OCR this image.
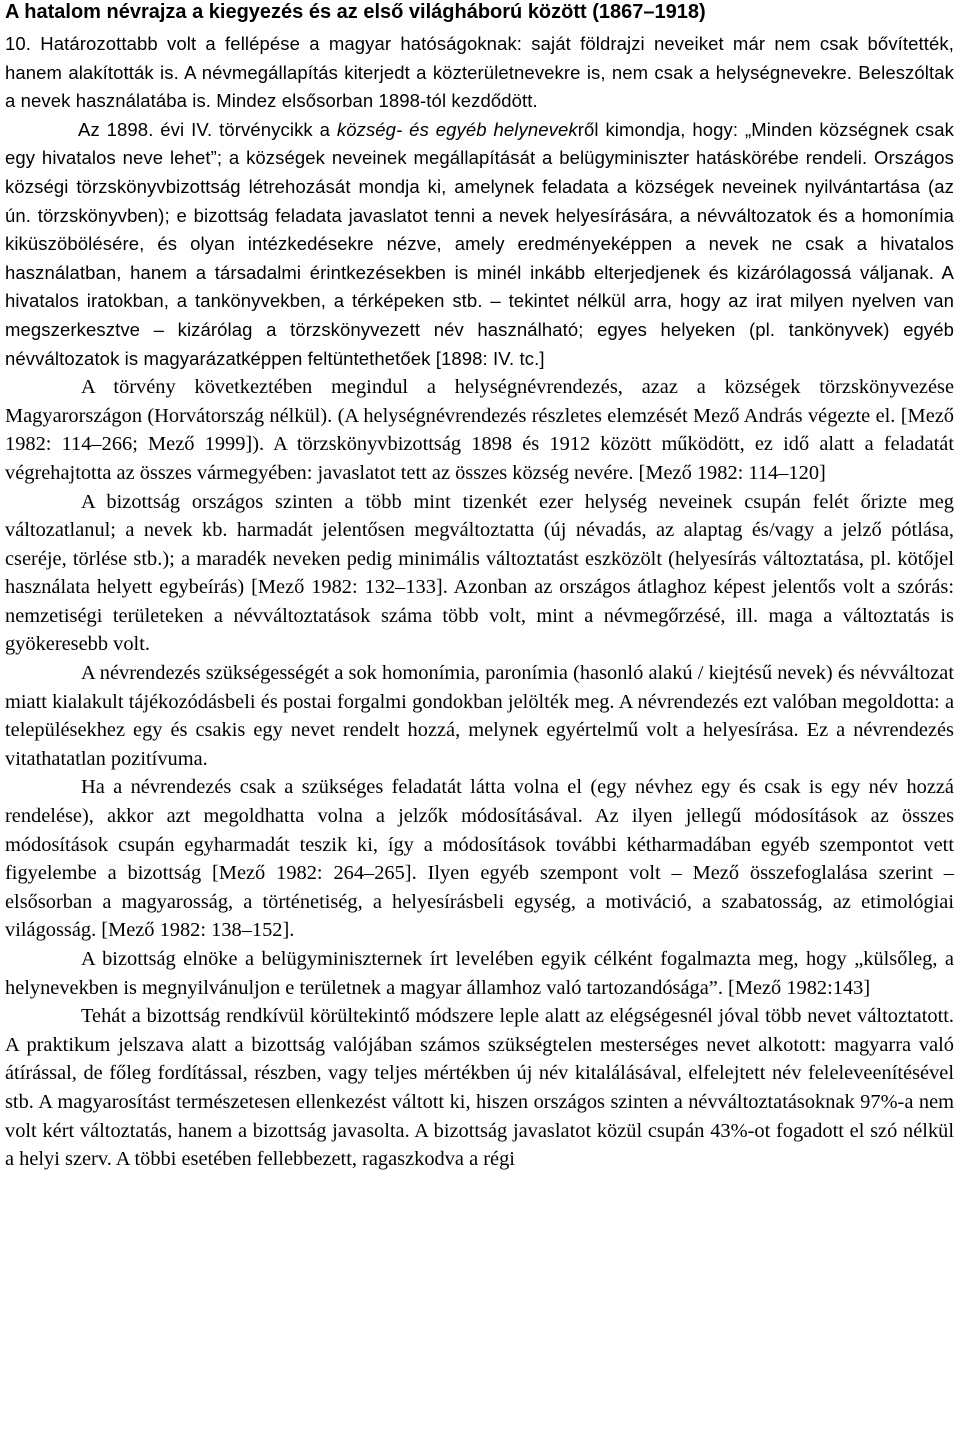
A hatalom névrajza a kiegyezés és az első világháború között (1867–1918)

10. Határozottabb volt a fellépése a magyar hatóságoknak: saját földrajzi neveiket már nem csak bővítették, hanem alakították is. A névmegállapítás kiterjedt a közterületnevekre is, nem csak a helységnevekre. Beleszóltak a nevek használatába is. Mindez elsősorban 1898-tól kezdődött.

Az 1898. évi IV. törvénycikk a község- és egyéb helynevekről kimondja, hogy: „Minden községnek csak egy hivatalos neve lehet”; a községek neveinek megállapítását a belügyminiszter hatáskörébe rendeli. Országos községi törzskönyvbizottság létrehozását mondja ki, amelynek feladata a községek neveinek nyilvántartása (az ún. törzskönyvben); e bizottság feladata javaslatot tenni a nevek helyesírására, a névváltozatok és a homonímia kiküszöbölésére, és olyan intézkedésekre nézve, amely eredményeképpen a nevek ne csak a hivatalos használatban, hanem a társadalmi érintkezésekben is minél inkább elterjedjenek és kizárólagossá váljanak. A hivatalos iratokban, a tankönyvekben, a térképeken stb. – tekintet nélkül arra, hogy az irat milyen nyelven van megszerkesztve – kizárólag a törzskönyvezett név használható; egyes helyeken (pl. tankönyvek) egyéb névváltozatok is magyarázatképpen feltüntethetőek [1898: IV. tc.]

A törvény következtében megindul a helységnévrendezés, azaz a községek törzskönyvezése Magyarországon (Horvátország nélkül). (A helységnévrendezés részletes elemzését Mező András végezte el. [Mező 1982: 114–266; Mező 1999]). A törzskönyvbizottság 1898 és 1912 között működött, ez idő alatt a feladatát végrehajtotta az összes vármegyében: javaslatot tett az összes község nevére. [Mező 1982: 114–120]

A bizottság országos szinten a több mint tizenkét ezer helység neveinek csupán felét őrizte meg változatlanul; a nevek kb. harmadát jelentősen megváltoztatta (új névadás, az alaptag és/vagy a jelző pótlása, cseréje, törlése stb.); a maradék neveken pedig minimális változtatást eszközölt (helyesírás változtatása, pl. kötőjel használata helyett egybeírás) [Mező 1982: 132–133]. Azonban az országos átlaghoz képest jelentős volt a szórás: nemzetiségi területeken a névváltoztatások száma több volt, mint a névmegőrzésé, ill. maga a változtatás is gyökeresebb volt.

A névrendezés szükségességét a sok homonímia, paronímia (hasonló alakú / kiejtésű nevek) és névváltozat miatt kialakult tájékozódásbeli és postai forgalmi gondokban jelölték meg. A névrendezés ezt valóban megoldotta: a településekhez egy és csakis egy nevet rendelt hozzá, melynek egyértelmű volt a helyesírása. Ez a névrendezés vitathatatlan pozitívuma.

Ha a névrendezés csak a szükséges feladatát látta volna el (egy névhez egy és csak is egy név hozzá rendelése), akkor azt megoldhatta volna a jelzők módosításával. Az ilyen jellegű módosítások az összes módosítások csupán egyharmadát teszik ki, így a módosítások további kétharmadában egyéb szempontot vett figyelembe a bizottság [Mező 1982: 264–265]. Ilyen egyéb szempont volt – Mező összefoglalása szerint – elsősorban a magyarosság, a történetiség, a helyesírásbeli egység, a motiváció, a szabatosság, az etimológiai világosság. [Mező 1982: 138–152].

A bizottság elnöke a belügyminiszternek írt levelében egyik célként fogalmazta meg, hogy „külsőleg, a helynevekben is megnyilvánuljon e területnek a magyar államhoz való tartozandósága”. [Mező 1982:143]

Tehát a bizottság rendkívül körültekintő módszere leple alatt az elégségesnél jóval több nevet változtatott. A praktikum jelszava alatt a bizottság valójában számos szükségtelen mesterséges nevet alkotott: magyarra való átírással, de főleg fordítással, részben, vagy teljes mértékben új név kitalálásával, elfelejtett név feleleveenítésével stb. A magyarosítást természetesen ellenkezést váltott ki, hiszen országos szinten a névváltoztatásoknak 97%-a nem volt kért változtatás, hanem a bizottság javasolta. A bizottság javaslatot közül csupán 43%-ot fogadott el szó nélkül a helyi szerv. A többi esetében fellebbezett, ragaszkodva a régi
